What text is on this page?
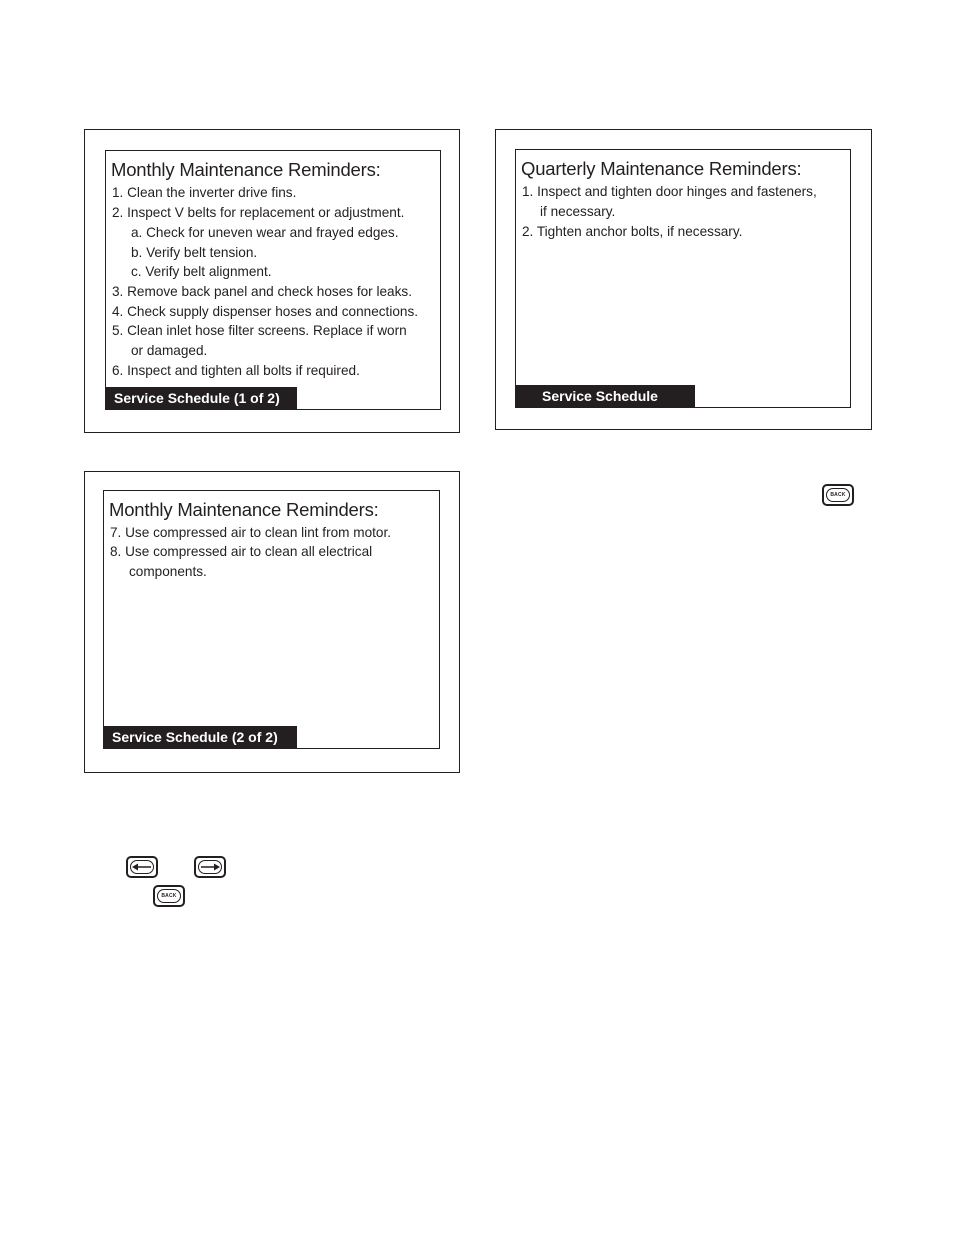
Monthly Maintenance Reminders:
1. Clean the inverter drive fins.
2. Inspect V belts for replacement or adjustment.
a. Check for uneven wear and frayed edges.
b. Verify belt tension.
c. Verify belt alignment.
3. Remove back panel and check hoses for leaks.
4. Check supply dispenser hoses and connections.
5. Clean inlet hose filter screens. Replace if worn
or damaged.
6. Inspect and tighten all bolts if required.
Service Schedule (1 of 2)
Quarterly Maintenance Reminders:
1. Inspect and tighten door hinges and fasteners,
if necessary.
2. Tighten anchor bolts, if necessary.
Service Schedule
Monthly Maintenance Reminders:
7. Use compressed air to clean lint from motor.
8. Use compressed air to clean all electrical
components.
Service Schedule (2 of 2)
BACK
BACK
